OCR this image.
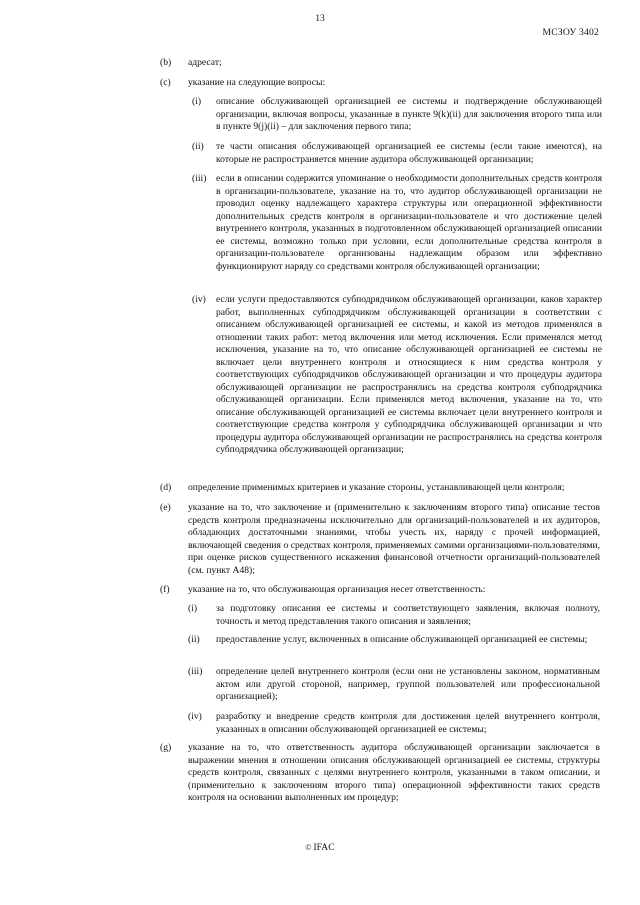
13
МСЗОУ 3402
(b) адресат;
(c) указание на следующие вопросы:
(i) описание обслуживающей организацией ее системы и подтверждение обслуживающей организации, включая вопросы, указанные в пункте 9(k)(ii) для заключения второго типа или в пункте 9(j)(ii) – для заключения первого типа;
(ii) те части описания обслуживающей организацией ее системы (если такие имеются), на которые не распространяется мнение аудитора обслуживающей организации;
(iii) если в описании содержится упоминание о необходимости дополнительных средств контроля в организации-пользователе, указание на то, что аудитор обслуживающей организации не проводил оценку надлежащего характера структуры или операционной эффективности дополнительных средств контроля в организации-пользователе и что достижение целей внутреннего контроля, указанных в подготовленном обслуживающей организацией описании ее системы, возможно только при условии, если дополнительные средства контроля в организации-пользователе организованы надлежащим образом или эффективно функционируют наряду со средствами контроля обслуживающей организации;
(iv) если услуги предоставляются субподрядчиком обслуживающей организации, каков характер работ, выполненных субподрядчиком обслуживающей организации в соответствии с описанием обслуживающей организацией ее системы, и какой из методов применялся в отношении таких работ: метод включения или метод исключения. Если применялся метод исключения, указание на то, что описание обслуживающей организацией ее системы не включает цели внутреннего контроля и относящиеся к ним средства контроля у соответствующих субподрядчиков обслуживающей организации и что процедуры аудитора обслуживающей организации не распространялись на средства контроля субподрядчика обслуживающей организации. Если применялся метод включения, указание на то, что описание обслуживающей организацией ее системы включает цели внутреннего контроля и соответствующие средства контроля у субподрядчика обслуживающей организации и что процедуры аудитора обслуживающей организации не распространялись на средства контроля субподрядчика обслуживающей организации;
(d) определение применимых критериев и указание стороны, устанавливающей цели контроля;
(e) указание на то, что заключение и (применительно к заключениям второго типа) описание тестов средств контроля предназначены исключительно для организаций-пользователей и их аудиторов, обладающих достаточными знаниями, чтобы учесть их, наряду с прочей информацией, включающей сведения о средствах контроля, применяемых самими организациями-пользователями, при оценке рисков существенного искажения финансовой отчетности организаций-пользователей (см. пункт А48);
(f) указание на то, что обслуживающая организация несет ответственность:
(i) за подготовку описания ее системы и соответствующего заявления, включая полноту, точность и метод представления такого описания и заявления;
(ii) предоставление услуг, включенных в описание обслуживающей организацией ее системы;
(iii) определение целей внутреннего контроля (если они не установлены законом, нормативным актом или другой стороной, например, группой пользователей или профессиональной организацией);
(iv) разработку и внедрение средств контроля для достижения целей внутреннего контроля, указанных в описании обслуживающей организацией ее системы;
(g) указание на то, что ответственность аудитора обслуживающей организации заключается в выражении мнения в отношении описания обслуживающей организацией ее системы, структуры средств контроля, связанных с целями внутреннего контроля, указанными в таком описании, и (применительно к заключениям второго типа) операционной эффективности таких средств контроля на основании выполненных им процедур;
© IFAC
